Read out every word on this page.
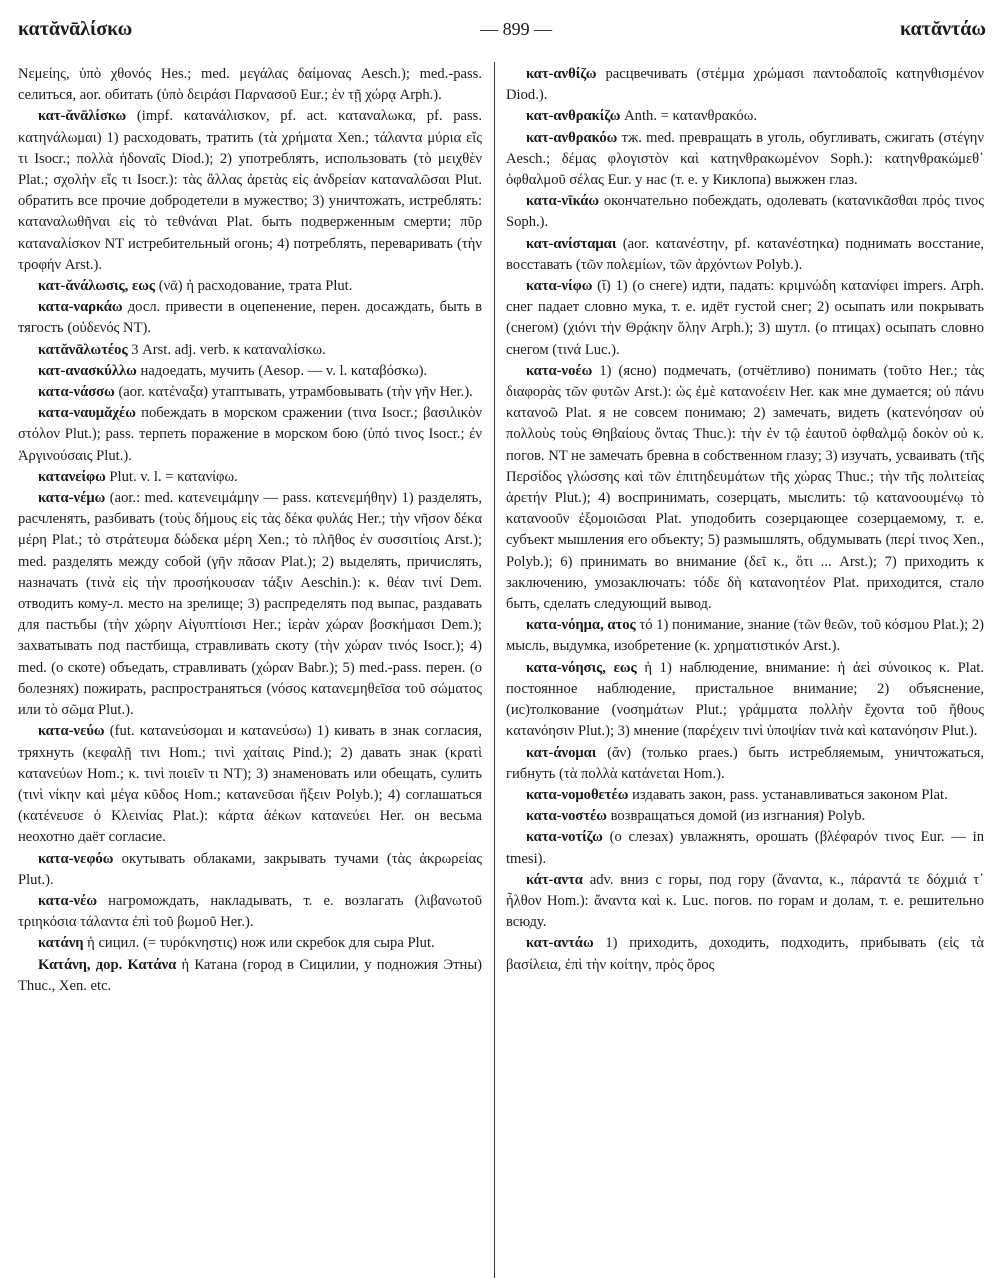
κατᾰνᾱλίσκω	— 899 —	κατᾰντάω

Νεμείης, ὑπὸ χθονός Hes.; med. μεγάλας δαίμονας Aesch.); med.-pass. селиться, aor. обитать (ὑπὸ δειράσι Παρνασοῦ Eur.; ἐν τῇ χώρᾳ Arph.).

κατ-ᾰνᾱλίσκω (impf. κατανάλισκον, pf. act. καταναλωκα, pf. pass. κατηνάλωμαι) 1) расходовать, тратить (τὰ χρήματα Xen.; τάλαντα μύρια εἴς τι Isocr.; πολλὰ ἡδοναῖς Diod.); 2) употреблять, использовать (τὸ μειχθὲν Plat.; σχολὴν εἴς τι Isocr.): τὰς ἄλλας ἀρετὰς εἰς ἀνδρείαν καταναλῶσαι Plut. обратить все прочие добродетели в мужество; 3) уничтожать, истреблять: καταναλωθῆναι εἰς τὸ τεθνάναι Plat. быть подверженным смерти; πῦρ καταναλίσκον NT истребительный огонь; 4) потреблять, переваривать (τὴν τροφήν Arst.).

κατ-ᾰνάλωσις, εως (νᾱ) ἡ расходование, трата Plut.

κατα-ναρκάω досл. привести в оцепенение, перен. досаждать, быть в тягость (οὐδενός NT).

κατᾰνᾱλωτέος 3 Arst. adj. verb. к καταναλίσκω.

κατ-ανασκύλλω надоедать, мучить (Aesop. — v. l. καταβόσκω).

κατα-νάσσω (aor. κατέναξα) утаптывать, утрамбовывать (τὴν γῆν Her.).

κατα-ναυμᾰχέω побеждать в морском сражении (τινα Isocr.; βασιλικὸν στόλον Plut.); pass. терпеть поражение в морском бою (ὑπό τινος Isocr.; ἐν Ἀργινούσαις Plut.).

κατανείφω Plut. v. l. = κατανίφω.

κατα-νέμω (aor.: med. κατενειμάμην — pass. κατενεμήθην) 1) разделять, расчленять, разбивать (τοὺς δήμους εἰς τὰς δέκα φυλάς Her.; τὴν νῆσον δέκα μέρη Plat.; τὸ στράτευμα δώδεκα μέρη Xen.; τὸ πλῆθος ἐν συσσιτίοις Arst.); med. разделять между собой (γῆν πᾶσαν Plat.); 2) выделять, причислять, назначать (τινὰ εἰς τὴν προσήκουσαν τάξιν Aeschin.): κ. θέαν τινί Dem. отводить кому-л. место на зрелище; 3) распределять под выпас, раздавать для пастьбы (τὴν χώρην Αἰγυπτίοισι Her.; ἱερὰν χώραν βοσκήμασι Dem.); захватывать под пастбища, стравливать скоту (τὴν χώραν τινός Isocr.); 4) med. (о скоте) объедать, стравливать (χώραν Babr.); 5) med.-pass. перен. (о болезнях) пожирать, распространяться (νόσος κατανεμηθεῖσα τοῦ σώματος или τὸ σῶμα Plut.).

κατα-νεύω (fut. κατανεύσομαι и κατανεύσω) 1) кивать в знак согласия, тряхнуть (κεφαλῇ τινι Hom.; τινὶ χαίταις Pind.); 2) давать знак (κρατὶ κατανεύων Hom.; κ. τινὶ ποιεῖν τι NT); 3) знаменовать или обещать, сулить (τινὶ νίκην καὶ μέγα κῦδος Hom.; κατανεῦσαι ἥξειν Polyb.); 4) соглашаться (κατένευσε ὁ Κλεινίας Plat.): κάρτα ἀέκων κατανεύει Her. он весьма неохотно даёт согласие.

κατα-νεφόω окутывать облаками, закрывать тучами (τὰς ἀκρωρείας Plut.).

κατα-νέω нагромождать, накладывать, т. е. возлагать (λιβανωτοῦ τριηκόσια τάλαντα ἐπὶ τοῦ βωμοῦ Her.).

κατάνη ἡ сицил. (= τυρόκνηστις) нож или скребок для сыра Plut.

Κατάνη, дор. Κατάνα ἡ Катана (город в Сицилии, у подножия Этны) Thuc., Xen. etc.

κατ-ανθίζω расцвечивать (στέμμα χρώμασι παντοδαποῖς κατηνθισμένον Diod.).

κατ-ανθρακίζω Anth. = κατανθρακόω.

κατ-ανθρακόω тж. med. превращать в уголь, обугливать, сжигать (στέγην Aesch.; δέμας φλογιστὸν καὶ κατηνθρακωμένον Soph.): κατηνθρακώμεθ᾽ ὀφθαλμοῦ σέλας Eur. у нас (т. е. у Киклопа) выжжен глаз.

κατα-νῑκάω окончательно побеждать, одолевать (κατανικᾶσθαι πρός τινος Soph.).

κατ-ανίσταμαι (aor. κατανέστην, pf. κατανέστηκα) поднимать восстание, восставать (τῶν πολεμίων, τῶν ἀρχόντων Polyb.).

κατα-νίφω (ῐ) 1) (о снеге) идти, падать: κριμνώδη κατανίφει impers. Arph. снег падает словно мука, т. е. идёт густой снег; 2) осыпать или покрывать (снегом) (χιόνι τὴν Θρᾴκην ὅλην Arph.); 3) шутл. (о птицах) осыпать словно снегом (τινά Luc.).

κατα-νοέω 1) (ясно) подмечать, (отчётливо) понимать (τοῦτο Her.; τὰς διαφορὰς τῶν φυτῶν Arst.): ὡς ἐμὲ κατανοέειν Her. как мне думается; οὐ πάνυ κατανοῶ Plat. я не совсем понимаю; 2) замечать, видеть (κατενόησαν οὐ πολλοὺς τοὺς Θηβαίους ὄντας Thuc.): τὴν ἐν τῷ ἑαυτοῦ ὀφθαλμῷ δοκὸν οὐ κ. погов. NT не замечать бревна в собственном глазу; 3) изучать, усваивать (τῆς Περσίδος γλώσσης καὶ τῶν ἐπιτηδευμάτων τῆς χώρας Thuc.; τὴν τῆς πολιτείας ἀρετήν Plut.); 4) воспринимать, созерцать, мыслить: τῷ κατανοουμένῳ τὸ κατανοοῦν ἐξομοιῶσαι Plat. уподобить созерцающее созерцаемому, т. е. субъект мышления его объекту; 5) размышлять, обдумывать (περί τινος Xen., Polyb.); 6) принимать во внимание (δεῖ κ., ὅτι ... Arst.); 7) приходить к заключению, умозаключать: τόδε δὴ κατανοητέον Plat. приходится, стало быть, сделать следующий вывод.

κατα-νόημα, ατος τό 1) понимание, знание (τῶν θεῶν, τοῦ κόσμου Plat.); 2) мысль, выдумка, изобретение (κ. χρηματιστικόν Arst.).

κατα-νόησις, εως ἡ 1) наблюдение, внимание: ἡ ἀεὶ σύνοικος κ. Plat. постоянное наблюдение, пристальное внимание; 2) объяснение, (ис)толкование (νοσημάτων Plut.; γράμματα πολλὴν ἔχοντα τοῦ ἤθους κατανόησιν Plut.); 3) мнение (παρέχειν τινὶ ὑποψίαν τινὰ καὶ κατανόησιν Plut.).

κατ-άνομαι (ᾰν) (только praes.) быть истребляемым, уничтожаться, гибнуть (τὰ πολλὰ κατάνεται Hom.).

κατα-νομοθετέω издавать закон, pass. устанавливаться законом Plat.

κατα-νοστέω возвращаться домой (из изгнания) Polyb.

κατα-νοτίζω (о слезах) увлажнять, орошать (βλέφαρόν τινος Eur. — in tmesi).

κάτ-αντα adv. вниз с горы, под гору (ἄναντα, κ., πάραντά τε δόχμιά τ᾽ ἦλθον Hom.): ἄναντα καὶ κ. Luc. погов. по горам и долам, т. е. решительно всюду.

κατ-αντάω 1) приходить, доходить, подходить, прибывать (εἰς τὰ βασίλεια, ἐπὶ τὴν κοίτην, πρὸς ὅρος
